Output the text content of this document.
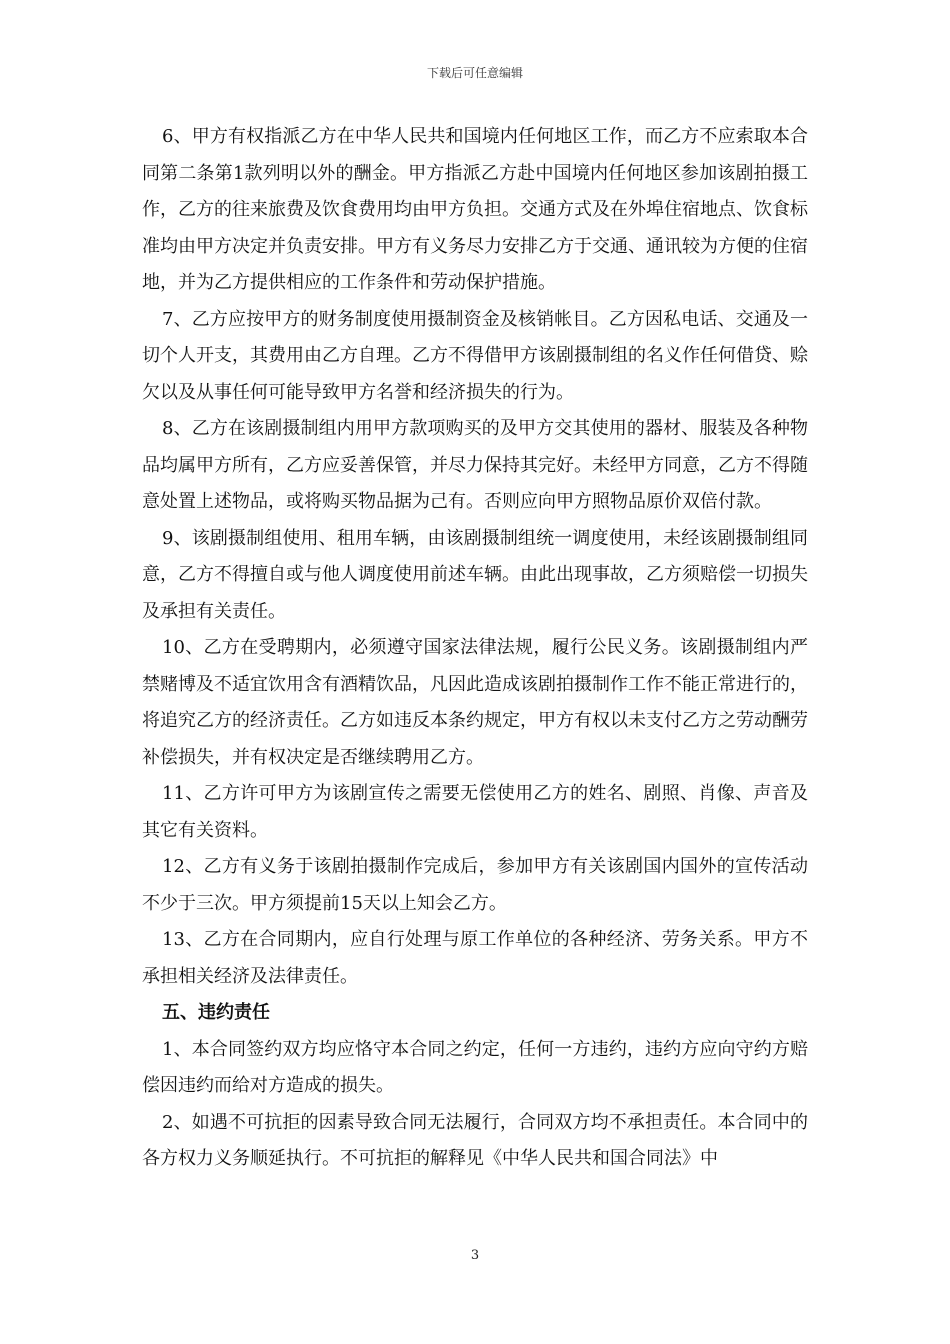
下载后可任意编辑

6、甲方有权指派乙方在中华人民共和国境内任何地区工作，而乙方不应索取本合同第二条第1款列明以外的酬金。甲方指派乙方赴中国境内任何地区参加该剧拍摄工作，乙方的往来旅费及饮食费用均由甲方负担。交通方式及在外埠住宿地点、饮食标准均由甲方决定并负责安排。甲方有义务尽力安排乙方于交通、通讯较为方便的住宿地，并为乙方提供相应的工作条件和劳动保护措施。

7、乙方应按甲方的财务制度使用摄制资金及核销帐目。乙方因私电话、交通及一切个人开支，其费用由乙方自理。乙方不得借甲方该剧摄制组的名义作任何借贷、赊欠以及从事任何可能导致甲方名誉和经济损失的行为。

8、乙方在该剧摄制组内用甲方款项购买的及甲方交其使用的器材、服装及各种物品均属甲方所有，乙方应妥善保管，并尽力保持其完好。未经甲方同意，乙方不得随意处置上述物品，或将购买物品据为己有。否则应向甲方照物品原价双倍付款。

9、该剧摄制组使用、租用车辆，由该剧摄制组统一调度使用，未经该剧摄制组同意，乙方不得擅自或与他人调度使用前述车辆。由此出现事故，乙方须赔偿一切损失及承担有关责任。

10、乙方在受聘期内，必须遵守国家法律法规，履行公民义务。该剧摄制组内严禁赌博及不适宜饮用含有酒精饮品，凡因此造成该剧拍摄制作工作不能正常进行的，将追究乙方的经济责任。乙方如违反本条约规定，甲方有权以未支付乙方之劳动酬劳补偿损失，并有权决定是否继续聘用乙方。

11、乙方许可甲方为该剧宣传之需要无偿使用乙方的姓名、剧照、肖像、声音及其它有关资料。

12、乙方有义务于该剧拍摄制作完成后，参加甲方有关该剧国内国外的宣传活动不少于三次。甲方须提前15天以上知会乙方。

13、乙方在合同期内，应自行处理与原工作单位的各种经济、劳务关系。甲方不承担相关经济及法律责任。

五、违约责任

1、本合同签约双方均应恪守本合同之约定，任何一方违约，违约方应向守约方赔偿因违约而给对方造成的损失。

2、如遇不可抗拒的因素导致合同无法履行，合同双方均不承担责任。本合同中的各方权力义务顺延执行。不可抗拒的解释见《中华人民共和国合同法》中

3
